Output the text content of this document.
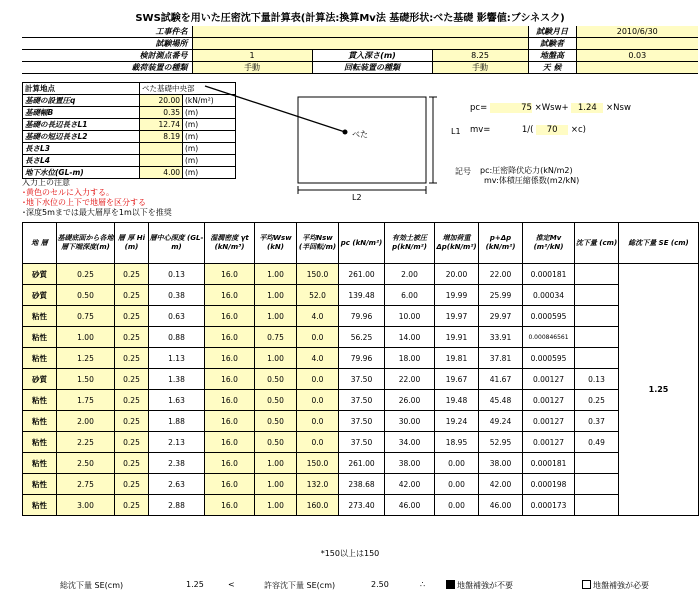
SWS試験を用いた圧密沈下量計算表(計算法:換算Mv法 基礎形状:べた基礎 影響値:ブシネスク)
工事件名				試験月日	2010/6/30
試験場所				試験者	
検討測点番号	1	貫入深さ(m)	8.25	地盤高	0.03
載荷装置の種類	手動	回転装置の種類	手動	天 候	
計算地点	べた基礎中央部	
基礎の設置圧q	20.00	(kN/m²)
基礎幅B	0.35	(m)
基礎の長辺長さL1	12.74	(m)
基礎の短辺長さL2	8.19	(m)
長さL3		(m)
長さL4		(m)
地下水位(GL-m)	4.00	(m)
べた	L1
L2
pc=	75 ×Wsw+ 1.24 ×Nsw
mv=	1/( 70 ×c)
記号 pc:圧密降伏応力(kN/m2)
mv:体積圧縮係数(m2/kN)
入力上の注意
･黄色のセルに入力する。
･地下水位の上下で地層を区分する
･深度5mまでは最大層厚を1m以下を推奨
地 層	基礎底面から各地層下端深度(m)	層 厚 Hi (m)	層中心深度 (GL-m)	湿潤密度 γt (kN/m³)	平均Wsw (kN)	平均Nsw (半回転/m)	pc (kN/m²)	有効土被圧 p(kN/m²)	増加荷重 Δp(kN/m²)	p+Δp (kN/m²)	推定Mv (m²/kN)	沈下量 (cm)	総沈下量 SE (cm)
砂質	0.25	0.25	0.13	16.0	1.00	150.0	261.00	2.00	20.00	22.00	0.000181		1.25
砂質	0.50	0.25	0.38	16.0	1.00	52.0	139.48	6.00	19.99	25.99	0.00034		
粘性	0.75	0.25	0.63	16.0	1.00	4.0	79.96	10.00	19.97	29.97	0.000595		
粘性	1.00	0.25	0.88	16.0	0.75	0.0	56.25	14.00	19.91	33.91	0.000846561		
粘性	1.25	0.25	1.13	16.0	1.00	4.0	79.96	18.00	19.81	37.81	0.000595		
砂質	1.50	0.25	1.38	16.0	0.50	0.0	37.50	22.00	19.67	41.67	0.00127	0.13	
粘性	1.75	0.25	1.63	16.0	0.50	0.0	37.50	26.00	19.48	45.48	0.00127	0.25	
粘性	2.00	0.25	1.88	16.0	0.50	0.0	37.50	30.00	19.24	49.24	0.00127	0.37	
粘性	2.25	0.25	2.13	16.0	0.50	0.0	37.50	34.00	18.95	52.95	0.00127	0.49	
粘性	2.50	0.25	2.38	16.0	1.00	150.0	261.00	38.00	0.00	38.00	0.000181		
粘性	2.75	0.25	2.63	16.0	1.00	132.0	238.68	42.00	0.00	42.00	0.000198		
粘性	3.00	0.25	2.88	16.0	1.00	160.0	273.40	46.00	0.00	46.00	0.000173		
*150以上は150
総沈下量 SE(cm)	1.25	<	許容沈下量 SE(cm)	2.50	∴	地盤補強が不要	地盤補強が必要
